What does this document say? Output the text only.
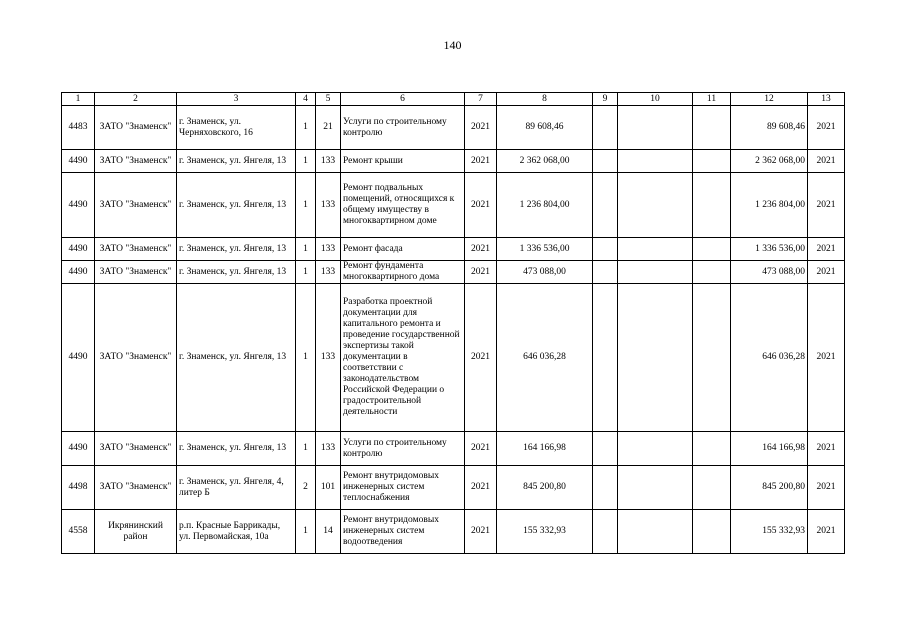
140
1	2	3	4	5	6	7	8	9	10	11	12	13
4483	ЗАТО "Знаменск"	г. Знаменск, ул. Черняховского, 16	1	21	Услуги по строительному контролю	2021	89 608,46				89 608,46	2021
4490	ЗАТО "Знаменск"	г. Знаменск, ул. Янгеля, 13	1	133	Ремонт крыши	2021	2 362 068,00				2 362 068,00	2021
4490	ЗАТО "Знаменск"	г. Знаменск, ул. Янгеля, 13	1	133	Ремонт подвальных помещений, относящихся к общему имуществу в многоквартирном доме	2021	1 236 804,00				1 236 804,00	2021
4490	ЗАТО "Знаменск"	г. Знаменск, ул. Янгеля, 13	1	133	Ремонт фасада	2021	1 336 536,00				1 336 536,00	2021
4490	ЗАТО "Знаменск"	г. Знаменск, ул. Янгеля, 13	1	133	Ремонт фундамента многоквартирного дома	2021	473 088,00				473 088,00	2021
4490	ЗАТО "Знаменск"	г. Знаменск, ул. Янгеля, 13	1	133	Разработка проектной документации для капитального ремонта и проведение государственной экспертизы такой документации в соответствии с законодательством Российской Федерации о градостроительной деятельности	2021	646 036,28				646 036,28	2021
4490	ЗАТО "Знаменск"	г. Знаменск, ул. Янгеля, 13	1	133	Услуги по строительному контролю	2021	164 166,98				164 166,98	2021
4498	ЗАТО "Знаменск"	г. Знаменск, ул. Янгеля, 4, литер Б	2	101	Ремонт внутридомовых инженерных систем теплоснабжения	2021	845 200,80				845 200,80	2021
4558	Икрянинский район	р.п. Красные Баррикады, ул. Первомайская, 10а	1	14	Ремонт внутридомовых инженерных систем водоотведения	2021	155 332,93				155 332,93	2021
